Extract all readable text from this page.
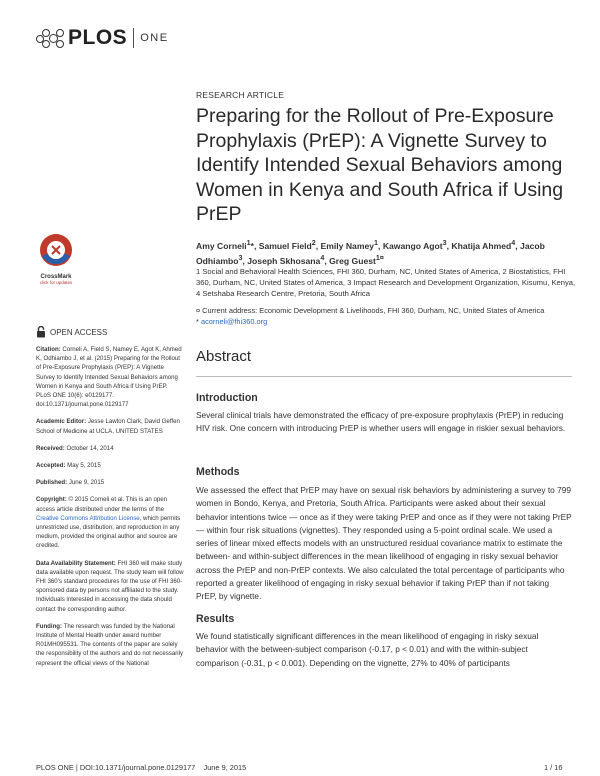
PLOS ONE
RESEARCH ARTICLE
Preparing for the Rollout of Pre-Exposure Prophylaxis (PrEP): A Vignette Survey to Identify Intended Sexual Behaviors among Women in Kenya and South Africa if Using PrEP
Amy Corneli$^1$*, Samuel Field$^2$, Emily Namey$^1$, Kawango Agot$^3$, Khatija Ahmed$^4$, Jacob Odhiambo$^3$, Joseph Skhosana$^4$, Greg Guest$^{1¤}$
1 Social and Behavioral Health Sciences, FHI 360, Durham, NC, United States of America, 2 Biostatistics, FHI 360, Durham, NC, United States of America, 3 Impact Research and Development Organization, Kisumu, Kenya, 4 Setshaba Research Centre, Pretoria, South Africa
¤ Current address: Economic Development & Livelihoods, FHI 360, Durham, NC, United States of America
* acorneli@fhi360.org
Abstract
Introduction
Several clinical trials have demonstrated the efficacy of pre-exposure prophylaxis (PrEP) in reducing HIV risk. One concern with introducing PrEP is whether users will engage in riskier sexual behaviors.
Methods
We assessed the effect that PrEP may have on sexual risk behaviors by administering a survey to 799 women in Bondo, Kenya, and Pretoria, South Africa. Participants were asked about their sexual behavior intentions twice — once as if they were taking PrEP and once as if they were not taking PrEP — within four risk situations (vignettes). They responded using a 5-point ordinal scale. We used a series of linear mixed effects models with an unstructured residual covariance matrix to estimate the between- and within-subject differences in the mean likelihood of engaging in risky sexual behavior across the PrEP and non-PrEP contexts. We also calculated the total percentage of participants who reported a greater likelihood of engaging in risky sexual behavior if taking PrEP than if not taking PrEP, by vignette.
Results
We found statistically significant differences in the mean likelihood of engaging in risky sexual behavior with the between-subject comparison (-0.17, p < 0.01) and with the within-subject comparison (-0.31, p < 0.001). Depending on the vignette, 27% to 40% of participants
CrossMark
click for updates
OPEN ACCESS

Citation: Corneli A, Field S, Namey E, Agot K, Ahmed K, Odhiambo J, et al. (2015) Preparing for the Rollout of Pre-Exposure Prophylaxis (PrEP): A Vignette Survey to Identify Intended Sexual Behaviors among Women in Kenya and South Africa if Using PrEP. PLoS ONE 10(6): e0129177. doi:10.1371/journal.pone.0129177

Academic Editor: Jesse Lawton Clark, David Geffen School of Medicine at UCLA, UNITED STATES

Received: October 14, 2014

Accepted: May 5, 2015

Published: June 9, 2015

Copyright: © 2015 Corneli et al. This is an open access article distributed under the terms of the Creative Commons Attribution License, which permits unrestricted use, distribution, and reproduction in any medium, provided the original author and source are credited.

Data Availability Statement: FHI 360 will make study data available upon request. The study team will follow FHI 360's standard procedures for the use of FHI 360-sponsored data by persons not affiliated to the study. Individuals interested in accessing the data should contact the corresponding author.

Funding: The research was funded by the National Institute of Mental Health under award number R01MH095531. The contents of the paper are solely the responsibility of the authors and do not necessarily represent the official views of the National

PLOS ONE | DOI:10.1371/journal.pone.0129177 June 9, 2015	1 / 16
